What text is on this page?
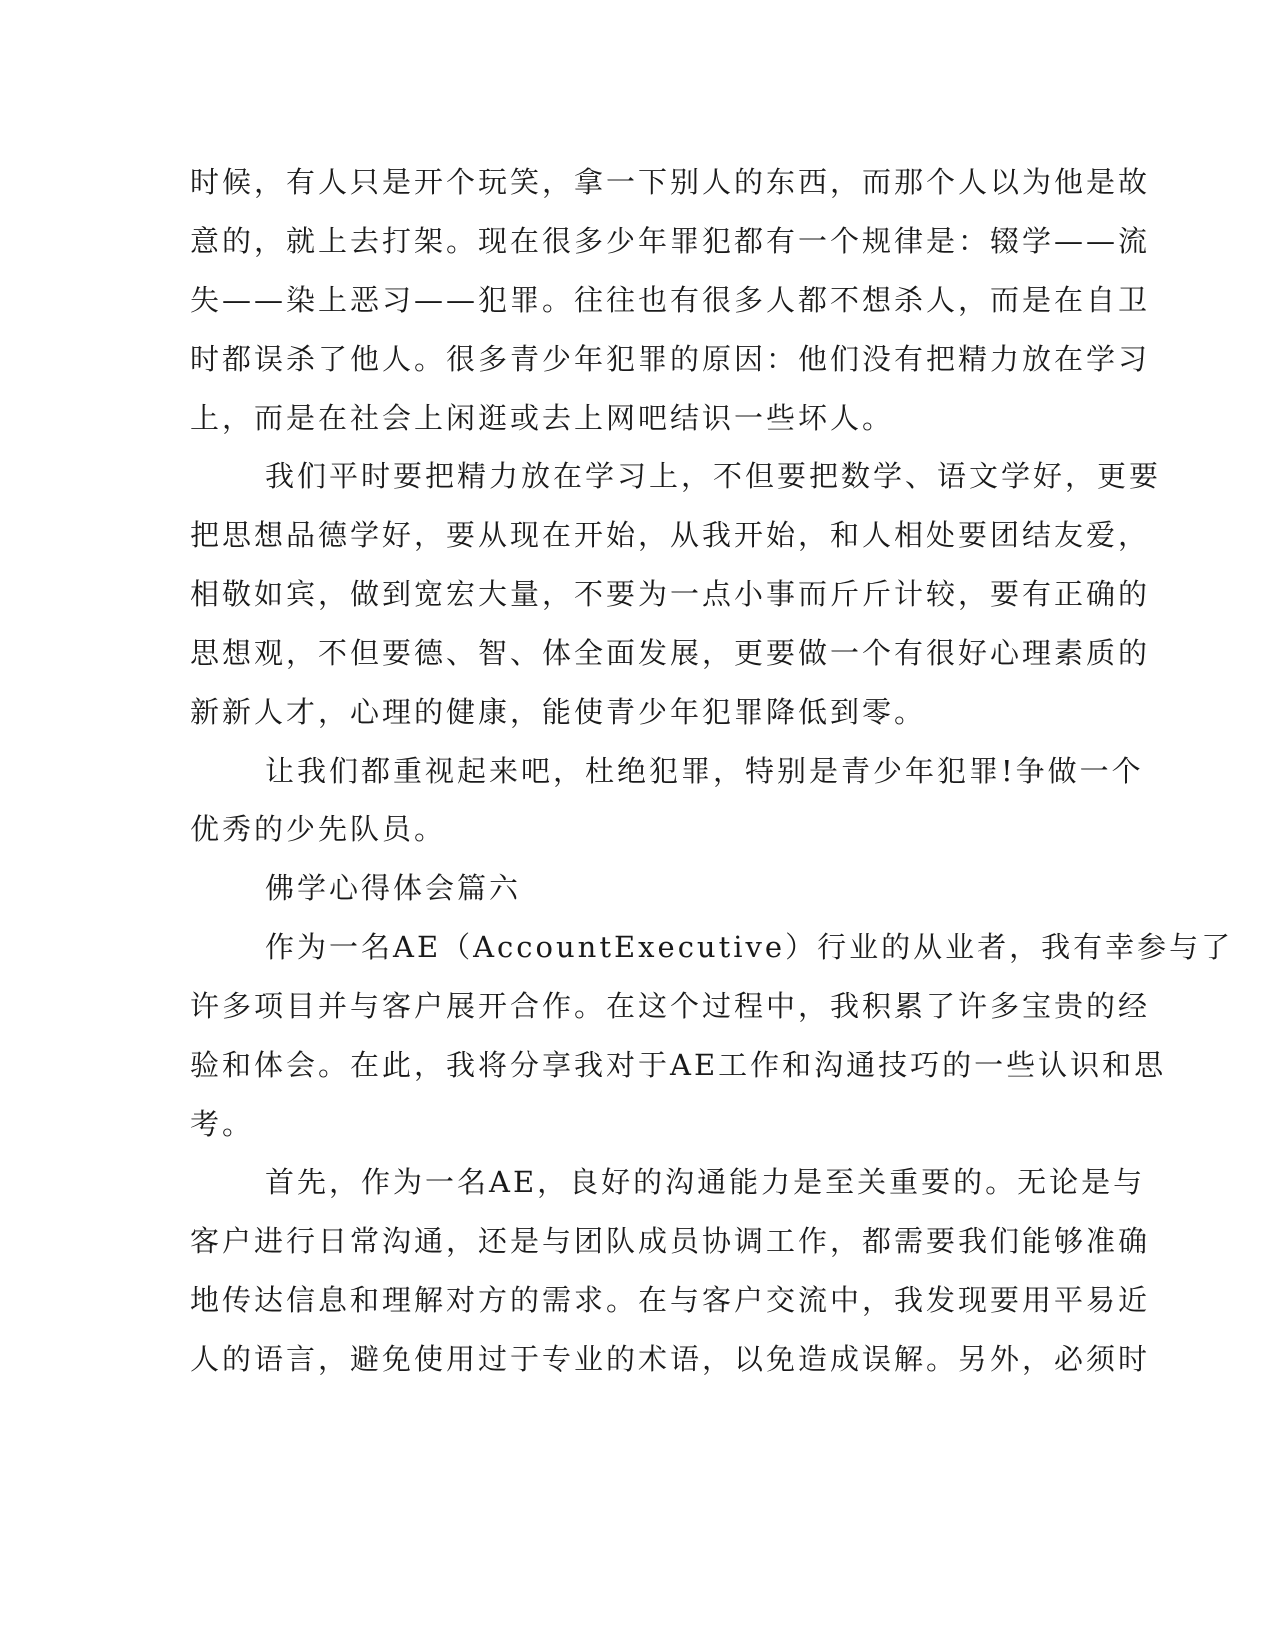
时候，有人只是开个玩笑，拿一下别人的东西，而那个人以为他是故
意的，就上去打架。现在很多少年罪犯都有一个规律是：辍学——流
失——染上恶习——犯罪。往往也有很多人都不想杀人，而是在自卫
时都误杀了他人。很多青少年犯罪的原因：他们没有把精力放在学习
上，而是在社会上闲逛或去上网吧结识一些坏人。
我们平时要把精力放在学习上，不但要把数学、语文学好，更要
把思想品德学好，要从现在开始，从我开始，和人相处要团结友爱，
相敬如宾，做到宽宏大量，不要为一点小事而斤斤计较，要有正确的
思想观，不但要德、智、体全面发展，更要做一个有很好心理素质的
新新人才，心理的健康，能使青少年犯罪降低到零。
让我们都重视起来吧，杜绝犯罪，特别是青少年犯罪!争做一个
优秀的少先队员。
佛学心得体会篇六
作为一名AE（AccountExecutive）行业的从业者，我有幸参与了
许多项目并与客户展开合作。在这个过程中，我积累了许多宝贵的经
验和体会。在此，我将分享我对于AE工作和沟通技巧的一些认识和思
考。
首先，作为一名AE，良好的沟通能力是至关重要的。无论是与
客户进行日常沟通，还是与团队成员协调工作，都需要我们能够准确
地传达信息和理解对方的需求。在与客户交流中，我发现要用平易近
人的语言，避免使用过于专业的术语，以免造成误解。另外，必须时
